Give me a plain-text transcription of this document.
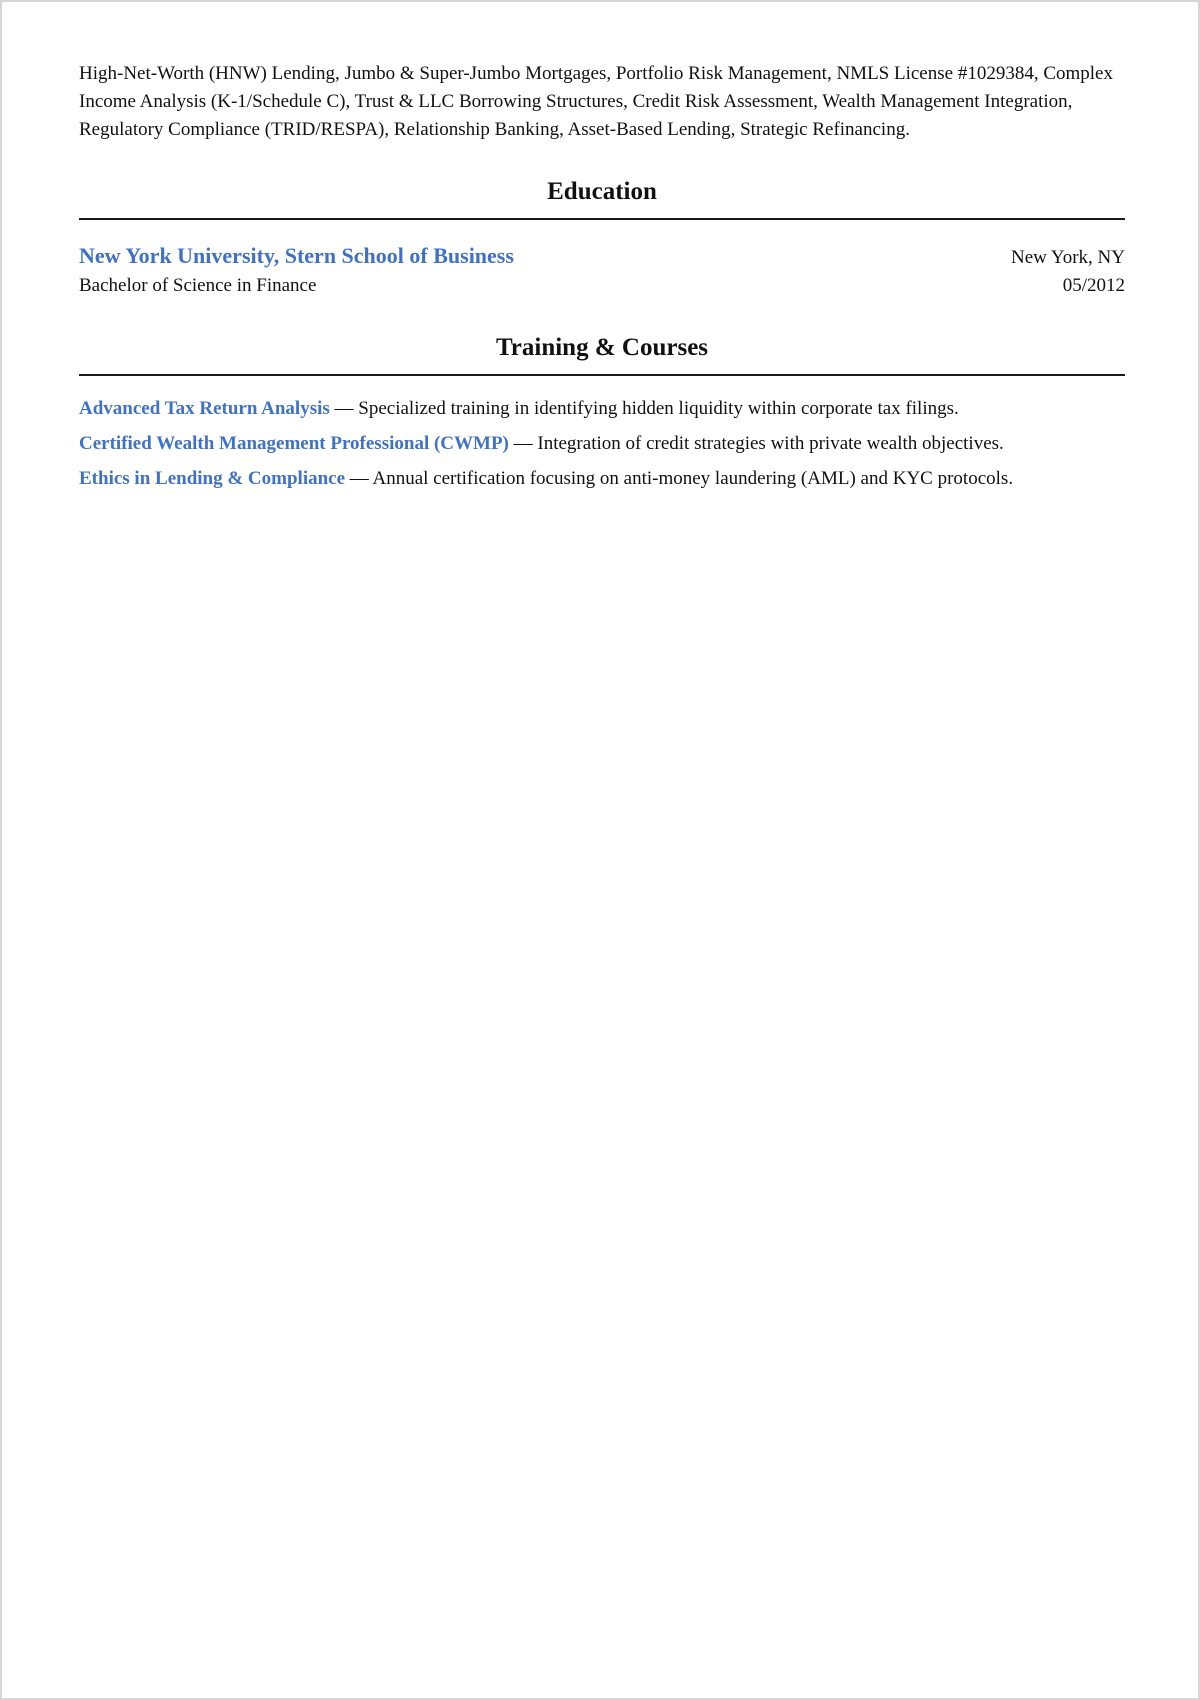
High-Net-Worth (HNW) Lending, Jumbo & Super-Jumbo Mortgages, Portfolio Risk Management, NMLS License #1029384, Complex Income Analysis (K-1/Schedule C), Trust & LLC Borrowing Structures, Credit Risk Assessment, Wealth Management Integration, Regulatory Compliance (TRID/RESPA), Relationship Banking, Asset-Based Lending, Strategic Refinancing.

Education
New York University, Stern School of Business	New York, NY
Bachelor of Science in Finance	05/2012
Training & Courses
Advanced Tax Return Analysis — Specialized training in identifying hidden liquidity within corporate tax filings.
Certified Wealth Management Professional (CWMP) — Integration of credit strategies with private wealth objectives.
Ethics in Lending & Compliance — Annual certification focusing on anti-money laundering (AML) and KYC protocols.
